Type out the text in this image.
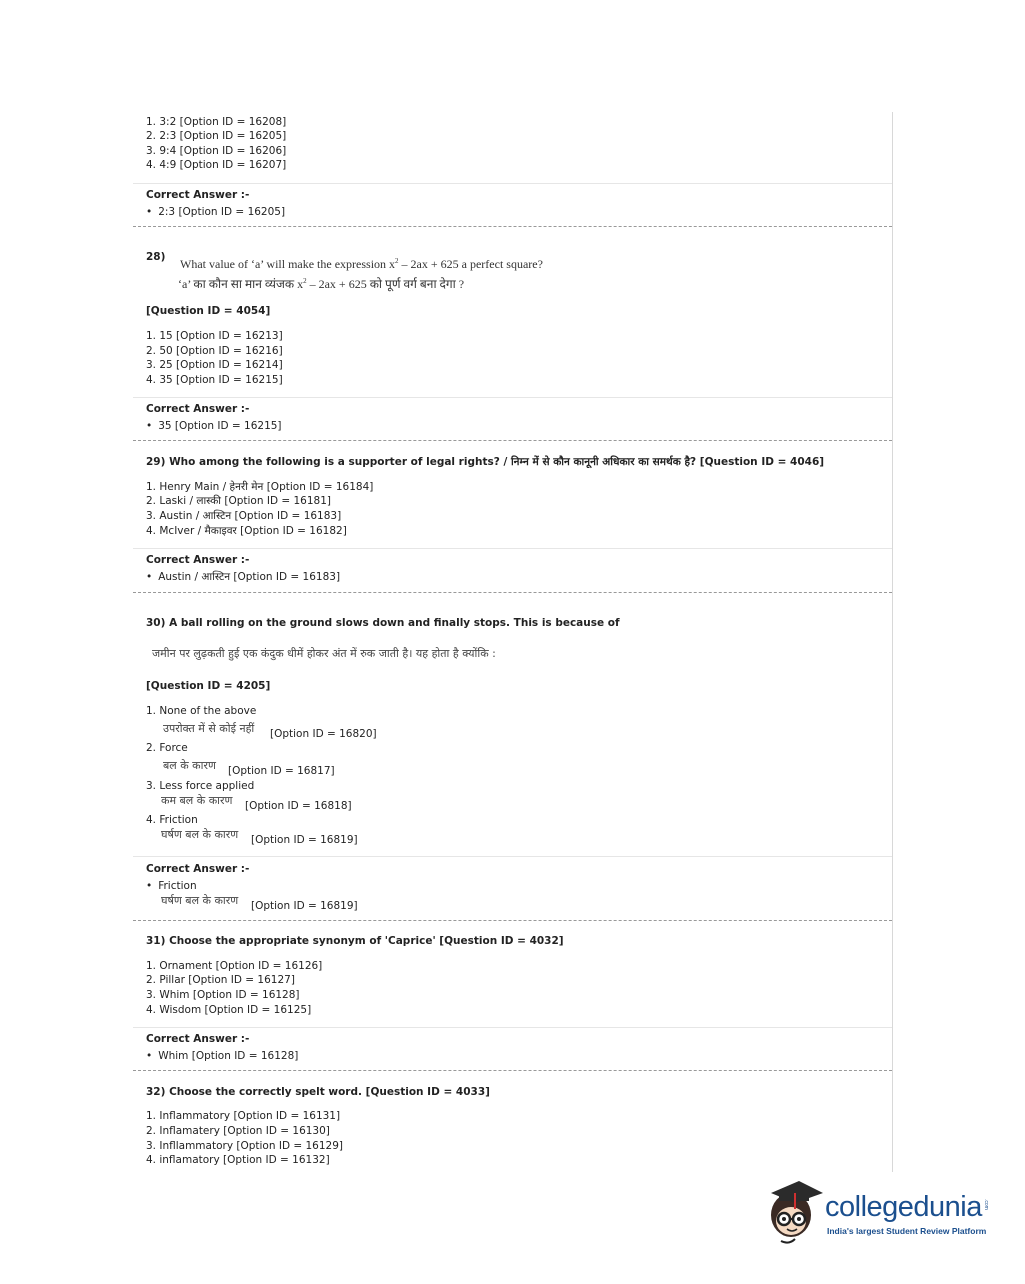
1. 3:2 [Option ID = 16208]
2. 2:3 [Option ID = 16205]
3. 9:4 [Option ID = 16206]
4. 4:9 [Option ID = 16207]
Correct Answer :-
• 2:3 [Option ID = 16205]
28) What value of ‘a’ will make the expression $x^2 - 2ax + 625$ a perfect square?
‘a’ का कौन सा मान व्यंजक $x^2 - 2ax + 625$ को पूर्ण वर्ग बना देगा ?
[Question ID = 4054]
1. 15 [Option ID = 16213]
2. 50 [Option ID = 16216]
3. 25 [Option ID = 16214]
4. 35 [Option ID = 16215]
Correct Answer :-
• 35 [Option ID = 16215]
29) Who among the following is a supporter of legal rights? / निम्न में से कौन कानूनी अधिकार का समर्थक है? [Question ID = 4046]
1. Henry Main / हेनरी मेन [Option ID = 16184]
2. Laski / लास्की [Option ID = 16181]
3. Austin / आस्टिन [Option ID = 16183]
4. McIver / मैकाइवर [Option ID = 16182]
Correct Answer :-
• Austin / आस्टिन [Option ID = 16183]
30) A ball rolling on the ground slows down and finally stops. This is because of
जमीन पर लुढ़कती हुई एक कंदुक धीमें होकर अंत में रुक जाती है। यह होता है क्योंकि :
[Question ID = 4205]
1. None of the above
उपरोक्त में से कोई नहीं [Option ID = 16820]
2. Force
बल के कारण [Option ID = 16817]
3. Less force applied
कम बल के कारण [Option ID = 16818]
4. Friction
घर्षण बल के कारण [Option ID = 16819]
Correct Answer :-
• Friction
घर्षण बल के कारण [Option ID = 16819]
31) Choose the appropriate synonym of 'Caprice' [Question ID = 4032]
1. Ornament [Option ID = 16126]
2. Pillar [Option ID = 16127]
3. Whim [Option ID = 16128]
4. Wisdom [Option ID = 16125]
Correct Answer :-
• Whim [Option ID = 16128]
32) Choose the correctly spelt word. [Question ID = 4033]
1. Inflammatory [Option ID = 16131]
2. Inflamatery [Option ID = 16130]
3. Infllammatory [Option ID = 16129]
4. inflamatory [Option ID = 16132]
collegedunia .com
India's largest Student Review Platform
